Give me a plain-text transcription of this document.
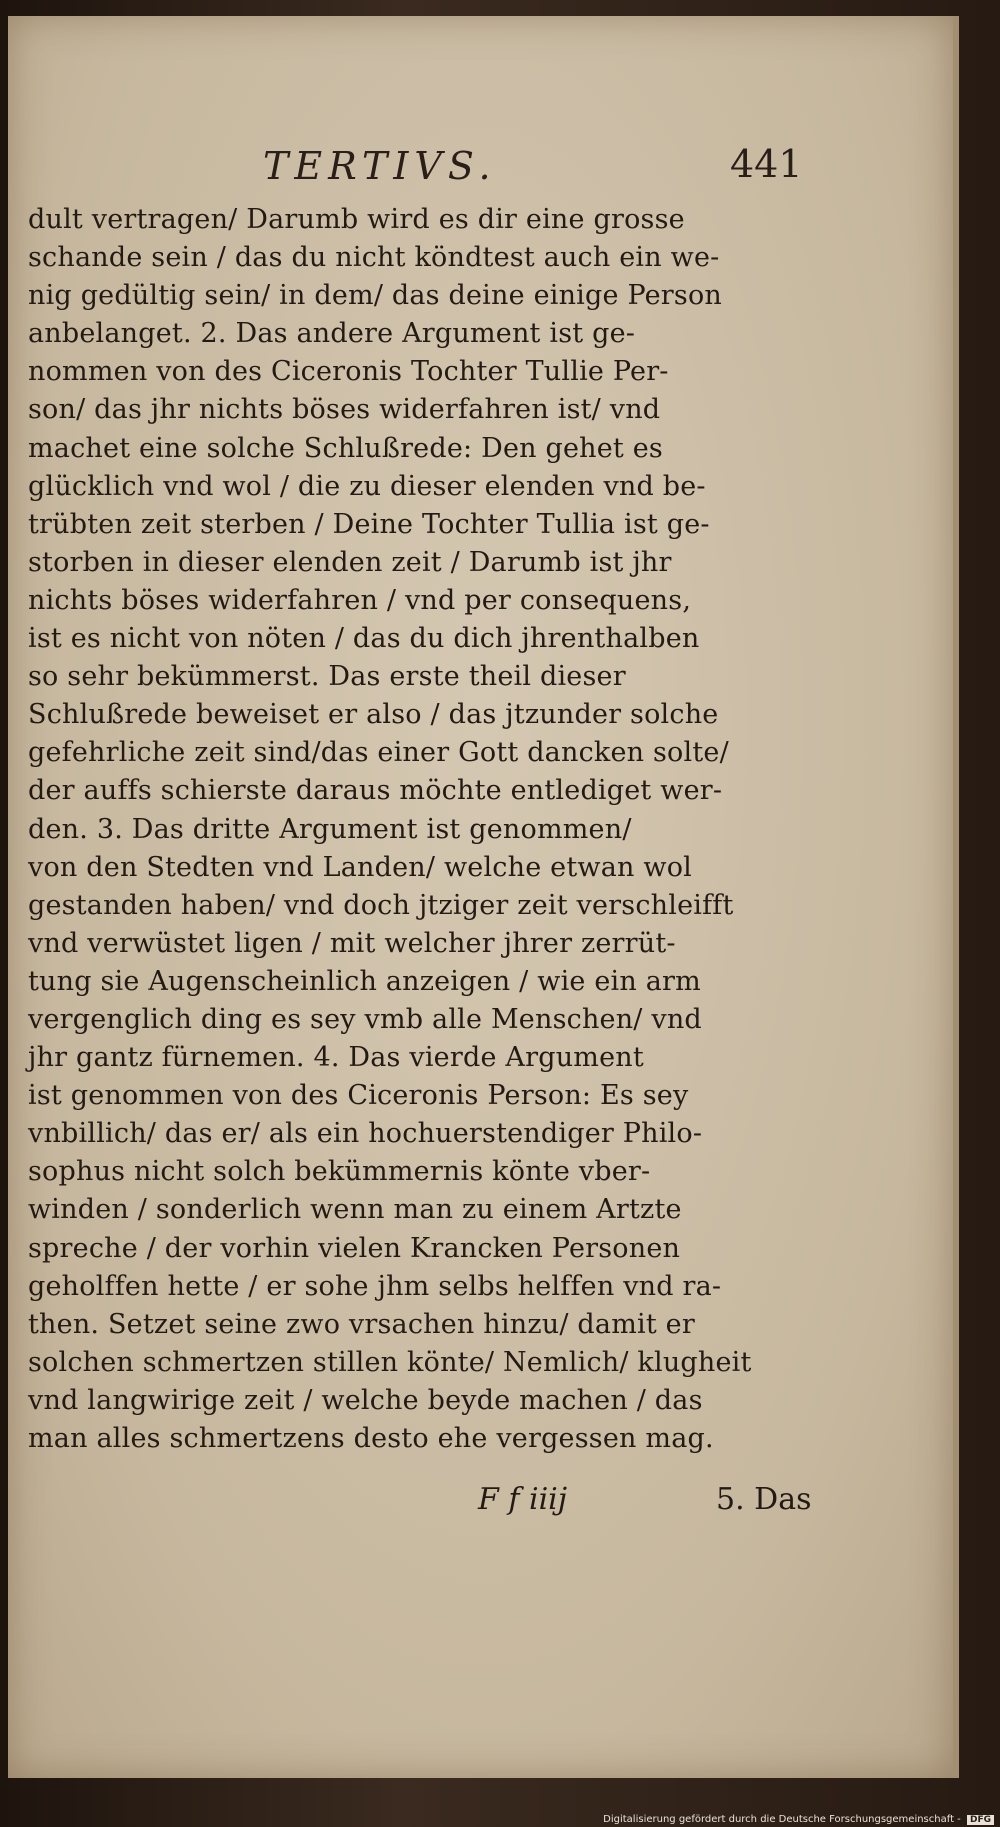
TERTIVS.	441
dult vertragen/ Darumb wird es dir eine grosse
schande sein / das du nicht köndtest auch ein we-
nig gedültig sein/ in dem/ das deine einige Person
anbelanget. 2. Das andere Argument ist ge-
nommen von des Ciceronis Tochter Tullie Per-
son/ das jhr nichts böses widerfahren ist/ vnd
machet eine solche Schlußrede: Den gehet es
glücklich vnd wol / die zu dieser elenden vnd be-
trübten zeit sterben / Deine Tochter Tullia ist ge-
storben in dieser elenden zeit / Darumb ist jhr
nichts böses widerfahren / vnd per consequens,
ist es nicht von nöten / das du dich jhrenthalben
so sehr bekümmerst. Das erste theil dieser
Schlußrede beweiset er also / das jtzunder solche
gefehrliche zeit sind/das einer Gott dancken solte/
der auffs schierste daraus möchte entlediget wer-
den. 3. Das dritte Argument ist genommen/
von den Stedten vnd Landen/ welche etwan wol
gestanden haben/ vnd doch jtziger zeit verschleifft
vnd verwüstet ligen / mit welcher jhrer zerrüt-
tung sie Augenscheinlich anzeigen / wie ein arm
vergenglich ding es sey vmb alle Menschen/ vnd
jhr gantz fürnemen. 4. Das vierde Argument
ist genommen von des Ciceronis Person: Es sey
vnbillich/ das er/ als ein hochuerstendiger Philo-
sophus nicht solch bekümmernis könte vber-
winden / sonderlich wenn man zu einem Artzte
spreche / der vorhin vielen Krancken Personen
geholffen hette / er sohe jhm selbs helffen vnd ra-
then. Setzet seine zwo vrsachen hinzu/ damit er
solchen schmertzen stillen könte/ Nemlich/ klugheit
vnd langwirige zeit / welche beyde machen / das
man alles schmertzens desto ehe vergessen mag.
F f iiij	5. Das
Digitalisierung gefördert durch die Deutsche Forschungsgemeinschaft - DFG
